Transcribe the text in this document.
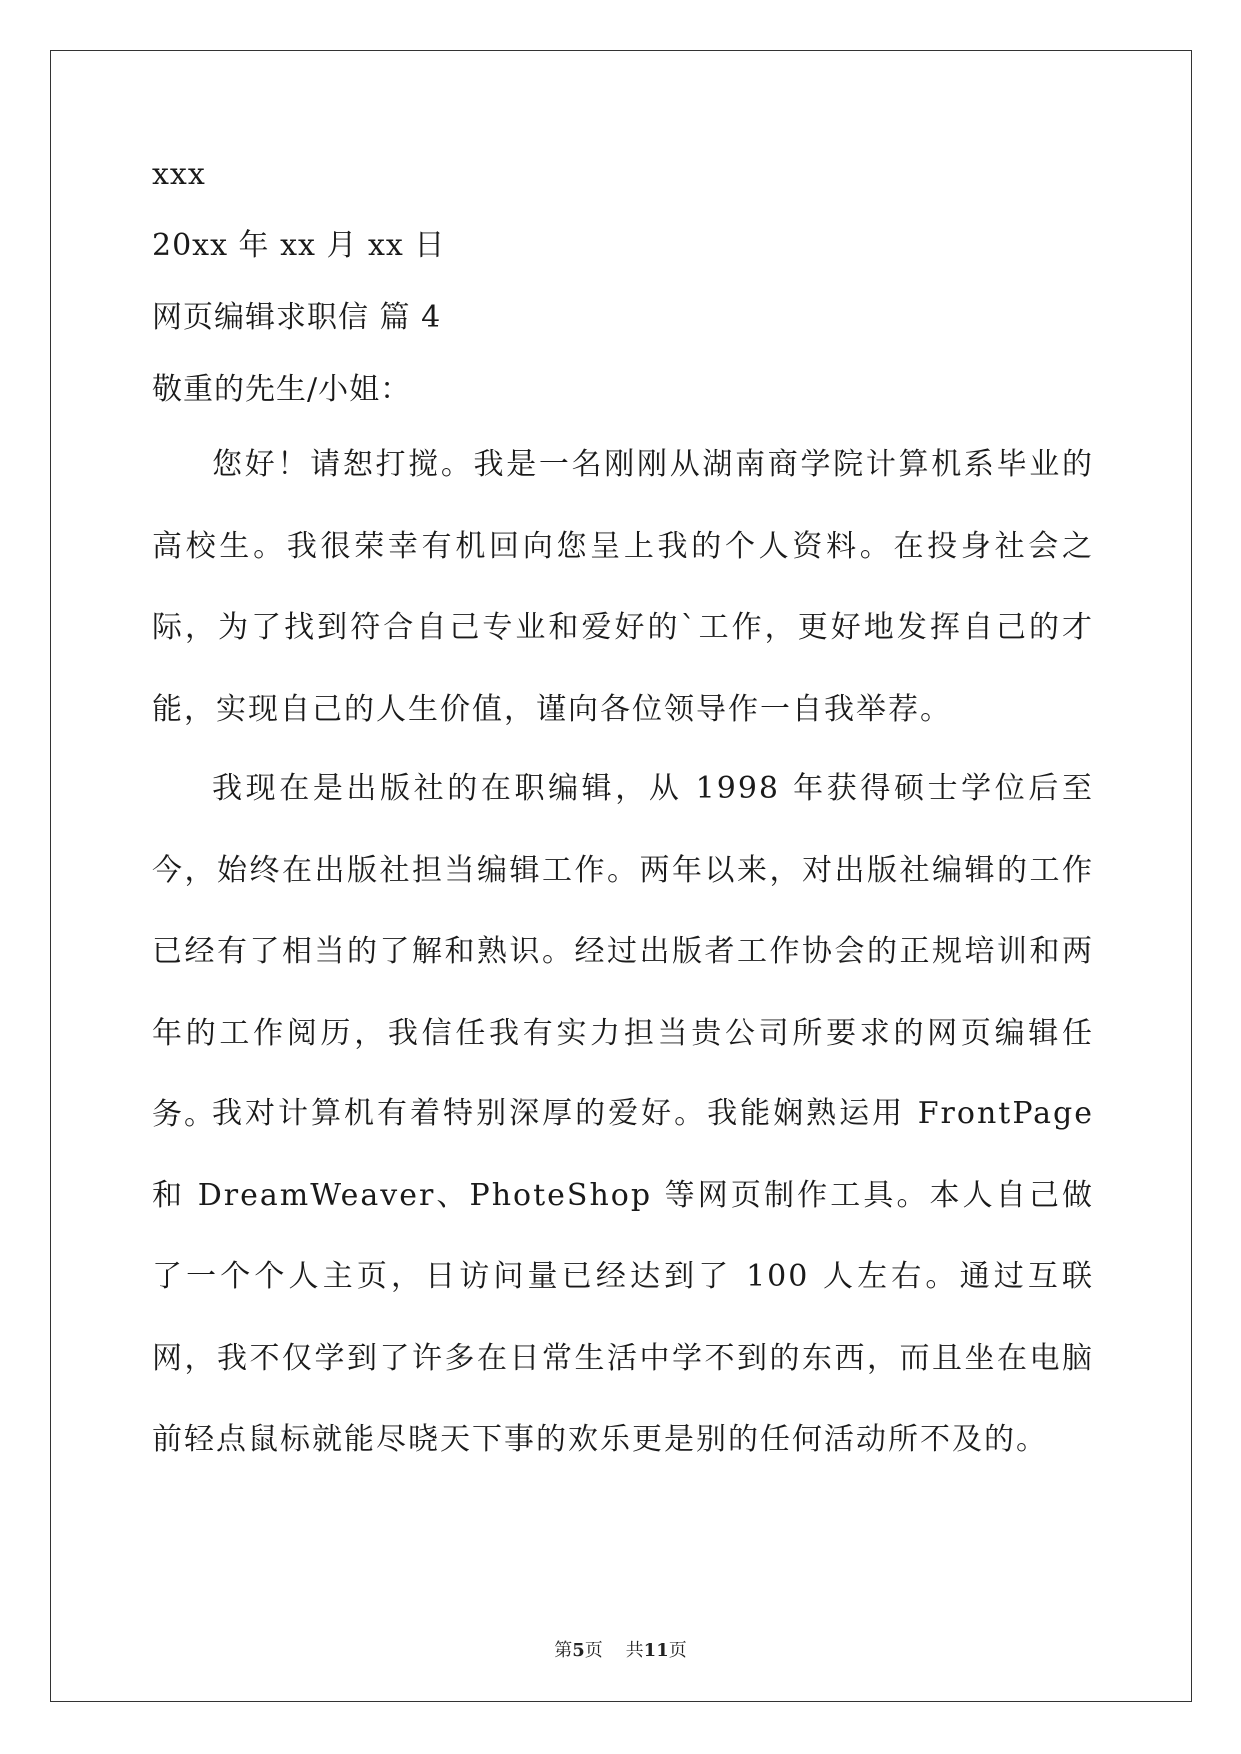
xxx
20xx 年 xx 月 xx 日
网页编辑求职信 篇 4
敬重的先生/小姐：

您好！请恕打搅。我是一名刚刚从湖南商学院计算机系毕业的高校生。我很荣幸有机回向您呈上我的个人资料。在投身社会之际，为了找到符合自己专业和爱好的`工作，更好地发挥自己的才能，实现自己的人生价值，谨向各位领导作一自我举荐。

我现在是出版社的在职编辑，从 1998 年获得硕士学位后至今，始终在出版社担当编辑工作。两年以来，对出版社编辑的工作已经有了相当的了解和熟识。经过出版者工作协会的正规培训和两年的工作阅历，我信任我有实力担当贵公司所要求的网页编辑任务。

我对计算机有着特别深厚的爱好。我能娴熟运用 FrontPage 和 DreamWeaver、PhoteShop 等网页制作工具。本人自己做了一个个人主页，日访问量已经达到了 100 人左右。通过互联网，我不仅学到了许多在日常生活中学不到的东西，而且坐在电脑前轻点鼠标就能尽晓天下事的欢乐更是别的任何活动所不及的。

第5页 共11页
